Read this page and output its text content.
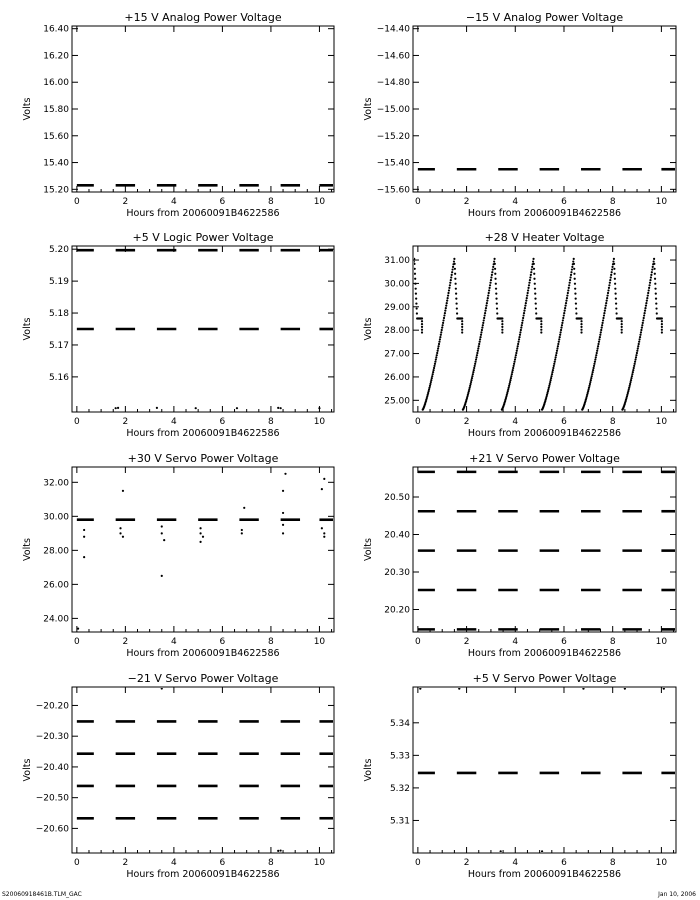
+15 V Analog Power Voltage
0	2	4	6	8	10
Hours from 20060091B4622586
15.20
15.40
15.60
15.80
16.00
16.20
16.40
Volts
−15 V Analog Power Voltage
0	2	4	6	8	10
Hours from 20060091B4622586
−15.60
−15.40
−15.20
−15.00
−14.80
−14.60
−14.40
Volts
+5 V Logic Power Voltage
0	2	4	6	8	10
Hours from 20060091B4622586
5.16
5.17
5.18
5.19
5.20
Volts
+28 V Heater Voltage
0	2	4	6	8	10
Hours from 20060091B4622586
25.00
26.00
27.00
28.00
29.00
30.00
31.00
Volts
+30 V Servo Power Voltage
0	2	4	6	8	10
Hours from 20060091B4622586
24.00
26.00
28.00
30.00
32.00
Volts
+21 V Servo Power Voltage
0	2	4	6	8	10
Hours from 20060091B4622586
20.20
20.30
20.40
20.50
Volts
−21 V Servo Power Voltage
0	2	4	6	8	10
Hours from 20060091B4622586
−20.60
−20.50
−20.40
−20.30
−20.20
Volts
+5 V Servo Power Voltage
0	2	4	6	8	10
Hours from 20060091B4622586
5.31
5.32
5.33
5.34
Volts
S20060918461B.TLM_GAC	Jan 10, 2006
